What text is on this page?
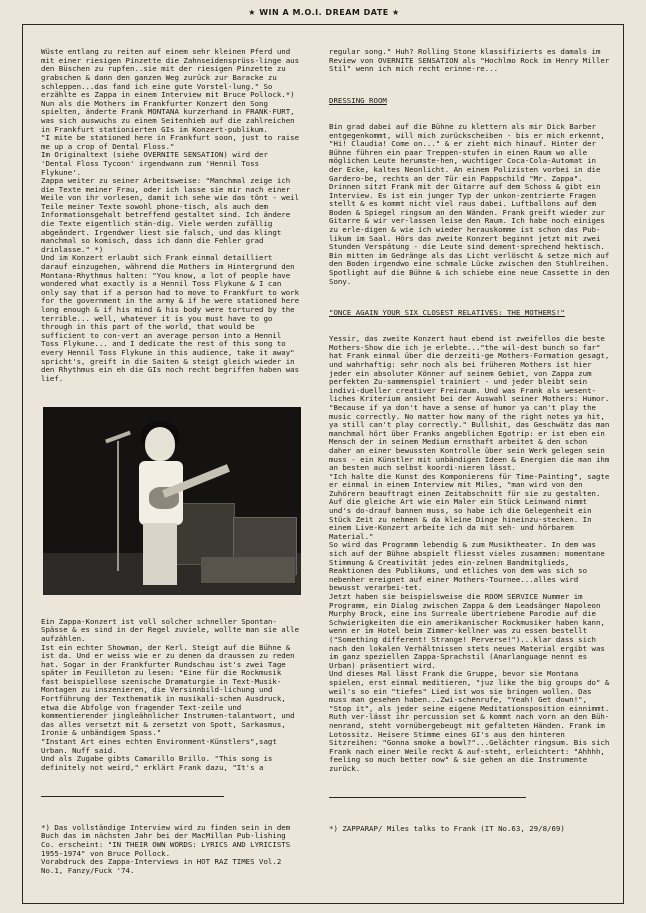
★ WIN A M.O.I. DREAM DATE ★

Wüste entlang zu reiten auf einem sehr kleinen Pferd und mit einer riesigen Pinzette die Zahnseidensprüss-linge aus den Büschen zu rupfen..sie mit der riesigen Pinzette zu grabschen & dann den ganzen Weg zurück zur Baracke zu schleppen...das fand ich eine gute Vorstel-lung." So erzählte es Zappa in einem Interview mit Bruce Pollock.*)
Nun als die Mothers im Frankfurter Konzert den Song spielten, änderte Frank MONTANA kurzerhand in FRANK-FURT, was sich auswuchs zu einem Seitenhieb auf die zahlreichen in Frankfurt stationierten GIs im Konzert-publikum.
"I mite be stationed here in Frankfurt soon, just to raise me up a crop of Dental Floss."
Im Originaltext (siehe OVERNITE SENSATION) wird der 'Dental Floss Tycoon' irgendwann zum 'Hennil Toss Flykune'.
Zappa weiter zu seiner Arbeitsweise: "Manchmal zeige ich die Texte meiner Frau, oder ich lasse sie mir nach einer Weile von ihr vorlesen, damit ich sehe wie das tönt - weil Teile meiner Texte sowohl phone-tisch, als auch dem Informationsgehalt betreffend gestaltet sind. Ich ändere die Texte eigentlich stän-dig. Viele werden zufällig abgeändert. Irgendwer liest sie falsch, und das klingt manchmal so komisch, dass ich dann die Fehler grad drinlasse." *)
Und im Konzert erlaubt sich Frank einmal detailliert darauf einzugehen, während die Mothers im Hintergrund den Montana-Rhythmus halten: "You know, a lot of people have wondered what exactly is a Hennil Toss Flykune & I can only say that if a person had to move to Frankfurt to work for the government in the army & if he were stationed here long enough & if his mind & his body were tortured by the terrible... well, whatever it is you must have to go through in this part of the world, that would be sufficient to con-vert an average person into a Hennil Toss Flykune... and I dedicate the rest of this song to every Hennil Toss Flykune in this audience, take it away" spricht's, greift in die Saiten & steigt gleich wieder in den Rhythmus ein eh die GIs noch recht begriffen haben was lief.

Ein Zappa-Konzert ist voll solcher schneller Spontan-Spässe & es sind in der Regel zuviele, wollte man sie alle aufzählen.
Ist ein echter Showman, der Kerl. Steigt auf die Bühne & ist da. Und er weiss wie er zu denen da draussen zu reden hat. Sogar in der Frankfurter Rundschau ist's zwei Tage später im Feuilleton zu lesen: "Eine für die Rockmusik fast beispiellose szenische Dramaturgie in Text-Musik-Montagen zu inszenieren, die Versinnbild-lichung und Fortführung der Texthematik in musikali-schen Ausdruck, etwa die Abfolge von fragender Text-zeile und kommentierender jingleähnlicher Instrumen-talantwort, und das alles versetzt mit & zersetzt von Spott, Sarkasmus, Ironie & unbändigem Spass."
"Instant Art eines echten Environment-Künstlers",sagt Urban. Nuff said.
Und als Zugabe gibts Camarillo Brillo. "This song is definitely not weird," erklärt Frank dazu, "It's a

*) Das vollständige Interview wird zu finden sein in dem Buch das im nächsten Jahr bei der MacMillan Pub-lishing Co. erscheint: "IN THEIR OWN WORDS: LYRICS AND LYRICISTS 1955-1974" von Bruce Pollock.
Vorabdruck des Zappa-Interviews in HOT RAZ TIMES Vol.2 No.1, Fanzy/Fuck '74.

regular song." Huh? Rolling Stone klassifizierts es damals im Review von OVERNITE SENSATION als "Hochlmo Rock im Henry Miller Stil" wenn ich mich recht erinne-re...

DRESSING ROOM

Bin grad dabei auf die Bühne zu klettern als mir Dick Barber entgegenkommt, will mich zurückscheiben - bis er mich erkennt, "Hi! Claudia! Come on..." & er zieht mich hinauf. Hinter der Bühne führen ein paar Treppen-stufen in einen Raum wo alle möglichen Leute herumste-hen, wuchtiger Coca-Cola-Automat in der Ecke, kaltes Neonlicht. An einem Polizisten vorbei in die Gardero-be, rechts an der Tür ein Pappschild "Mr. Zappa". Drinnen sitzt Frank mit der Gitarre auf dem Schoss & gibt ein Interview. Es ist ein junger Typ der unkon-zentrierte Fragen stellt & es kommt nicht viel raus dabei. Luftballons auf dem Boden & Spiegel ringsum an den Wänden. Frank greift wieder zur Gitarre & wir ver-lassen leise den Raum. Ich habe noch einiges zu erle-digen & wie ich wieder herauskomme ist schon das Pub-likum im Saal. Hörs das zweite Konzert beginnt jetzt mit zwei Stunden Verspätung - die Leute sind dement-sprechend hektisch. Bin mitten im Gedränge als das Licht verlöscht & setze mich auf den Boden irgendwo eine schmale Lücke zwischen den Stuhlreihen. Spotlight auf die Bühne & ich schiebe eine neue Cassette in den Sony.

"ONCE AGAIN YOUR SIX CLOSEST RELATIVES: THE MOTHERS!"

Yessir, das zweite Konzert haut ebend ist zweifellos die beste Mothers-Show die ich je erlebte..."the wil-dest bunch so far" hat Frank einmal über die derzeiti-ge Mothers-Formation gesagt, und wahrhaftig: sehr noch als bei früheren Mothers ist hier jeder ein absoluter Könner auf seinem Gebiet, von Zappa zum perfekten Zu-sammenspiel trainiert - und jeder bleibt sein indivi-dueller creativer Freiraum. Und was Frank als wesent-liches Kriterium ansieht bei der Auswahl seiner Mothers: Humor. "Because if ya don't have a sense of humor ya can't play the music correctly. No matter how many of the right notes ya hit, ya still can't play correctly." Bullshit, das Geschwätz das man manchmal hört über Franks angeblichen Egotrip: er ist eben ein Mensch der in seinem Medium ernsthaft arbeitet & den schon daher an einer bewussten Kontrolle über sein Werk gelegen sein muss - ein Künstler mit unbändigen Ideen & Energien die man ihm an besten auch selbst koordi-nieren lässt.
"Ich halte die Kunst des Komponierens für Time-Painting", sagte er einmal in einem Interview mit Miles, "man wird von den Zuhörern beauftragt einen Zeitabschnitt für sie zu gestalten. Auf die gleiche Art wie ein Maler ein Stück Leinwand nimmt und's do-drauf bannen muss, so habe ich die Gelegenheit ein Stück Zeit zu nehmen & da kleine Dinge hineinzu-stecken. In einem Live-Konzert arbeite ich da mit seh- und hörbarem Material."
So wird das Programm lebendig & zum Musiktheater. In dem was sich auf der Bühne abspielt fliesst vieles zusammen: momentane Stimmung & Creativität jedes ein-zelnen Bandmitglieds, Reaktionen des Publikums, und etliches von dem was sich so nebenher ereignet auf einer Mothers-Tournee...alles wird bewusst verarbei-tet.
Jetzt haben sie beispielsweise die ROOM SERVICE Nummer im Programm, ein Dialog zwischen Zappa & dem Leadsänger Napoleon Murphy Brock, eine ins Surreale übertriebene Parodie auf die Schwierigkeiten die ein amerikanischer Rockmusiker haben kann, wenn er im Hotel beim Zimmer-kellner was zu essen bestellt ("Something different! Strange! Perverse!")...klar dass sich nach den lokalen Verhältnissen stets neues Material ergibt was im ganz speziellen Zappa-Sprachstil (Anarlanguage nennt es Urban) präsentiert wird.
Und dieses Mal lässt Frank die Gruppe, bevor sie Montana spielen, erst einmal meditieren, "juz like the big groups do" & weil's so ein "tiefes" Lied ist wos sie bringen wollen. Das muss man gesehen haben...Zwi-schenrufe, "Yeah! Get down!", "Stop it", als jeder seine eigene Meditationsposition einnimmt. Ruth ver-lässt ihr percussion set & kommt nach vorn an den Büh-nenrand, steht vornübergebeugt mit gefalteten Händen. Frank im Lotossitz. Heisere Stimme eines GI's aus den hinteren Sitzreihen: "Gonna smoke a bowl?"...Gelächter ringsum. Bis sich Frank nach einer Weile reckt & auf-steht, erleichtert: "Ahhhh, feeling so much better now" & sie gehen an die Instrumente zurück.

*) ZAPPARAP/ Miles talks to Frank (IT No.63, 29/8/69)
